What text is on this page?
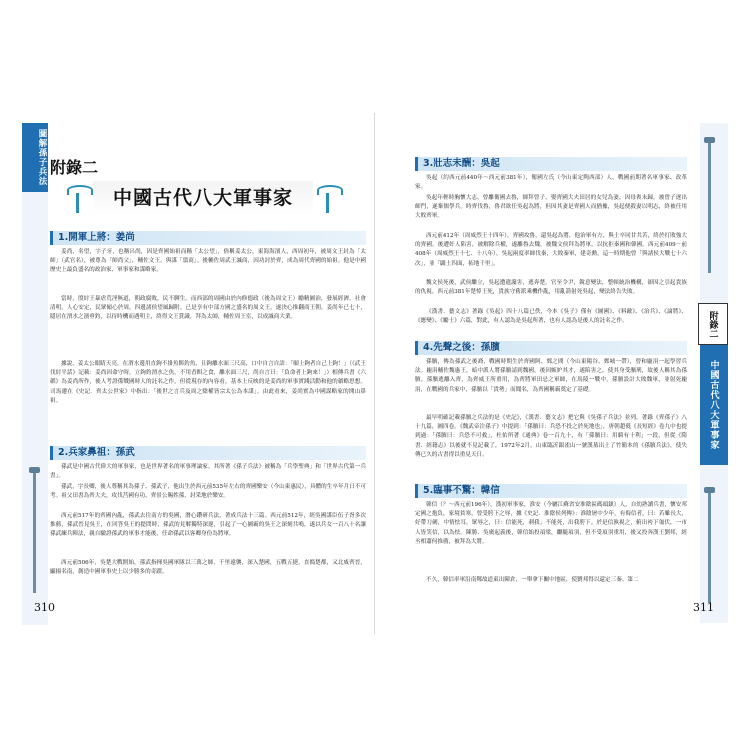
圖解孫子兵法 附錄二
中國古代八大軍事家
1.開軍上將：姜尚
姜尚，名望，字子牙，也稱呂尚，因是齊國始祖而稱「太公望」，俗稱姜太公。東海海濱人，西周初年，被周文王封為「太師」（武官名），被尊為「師尚父」，輔佐文王，與謀「翦商」。後輔佐周武王滅商，因功封於齊，成為周代齊國的始祖。他是中國歷史上最負盛名的政治家、軍事家和謀略家。
當時，殷紂王暴虐荒淫無道，朝政腐敗，民不聊生。而西部的周國由於內修德政（後為周文王）勵精圖治，發展經濟，社會清明，人心安定，民眾傾心於周，四邊諸侯望風歸附。已是享有中部方國之盛名的周文王，遂決心推翻商王朝。姜尚年已七十，隱居在渭水之濱垂釣，以待時機而遇明主，終得文王賞識，拜為太師，輔佐周王室，以成滅商大業。
據說，姜太公眼睛天亮，在渭水邊用直鉤不掛魚餌釣魚，且鉤離水面三尺高，口中自言自語：「願上鉤者自己上鉤！」（《武王伐紂平話》記載：姜尚因命守時，立鉤釣渭水之魚，不用香餌之食，離水面三尺，尚自言曰：「負命者上鉤來！」）相傳兵書《六韜》為姜尚所作，後人考證係戰國時人的託名之作，但從現存的內容看，基本上反映的是姜尚的軍事實踐活動和他的韜略思想。司馬遷在《史記．齊太公世家》中指出：「後世之言兵及周之陰權皆宗太公為本謀」，由此看來，姜尚實為中國謀略家的開山鼻祖。
2.兵家鼻祖：孫武
孫武是中國古代偉大的軍事家，也是世界著名的軍事理論家。其所著《孫子兵法》被稱為「兵學聖典」和「世界古代第一兵書」。
孫武，字長卿，後人尊稱其為孫子、孫武子，他出生於西元前535年左右的齊國樂安（今山東惠民），具體的生卒年月日不可考。祖父田書為齊大夫，攻伐莒國有功，齊景公賜姓孫，封采地於樂安。
西元前517年的齊國內亂，孫武去往南方的吳國，潛心鑽研兵法，著成兵法十三篇。西元前512年，經吳國謀臣伍子胥多次推薦，孫武晉見吳王，在回答吳王的提問時，孫武的見解獨特深邃，引起了一心圖霸的吳王之深刻共鳴，遂以兵女一百八十名讓孫武練兵陣法，親自驗證孫武的軍事才能後，任命孫武以客卿身份為將軍。
西元前506年，吳楚大戰開始，孫武指揮吳國軍隊以三萬之師，千里遠襲，深入楚國，五戰五捷，直搗楚都，又北威齊晉，顯揚名南，創造中國軍事史上以少勝多的奇蹟。
310
附錄二
中國古代八大軍事家
3.壯志未酬：吳起
吳起（約西元前440年～西元前381年），衛國左氏（今山東定陶西部）人，戰國前期著名軍事家、改革家。
吳起年輕時胸懷大志，曾離衛國去魯，師拜曾子，娶齊國大夫田居的女兒為妻，因母喪未歸，被曾子逐出師門，遂棄儒學兵。時齊伐魯，魯君欲任吳起為將，但因其妻是齊國人而猶豫，吳起便殺妻以明志，終被任用大敗齊軍。
西元前412年（周威烈王十四年），齊國攻魯，還吳起為將，他治軍有方，與士卒同甘共苦，終於打敗強大的齊國。後遭奸人陷害，被解除兵權，遂離魯去魏，被魏文侯拜為將軍，以抗拒秦國和韓國。西元前409－前408年（周威烈王十七、十八年），吳起兩度率師伐秦，大敗秦軍，建奇勳，這一時期他曾「與諸侯大戰七十六次」，並「闢土四面，拓地千里」。
魏文侯死後，武侯繼立，吳起遭遺讒害，逃奔楚，官至令尹，銳意變法，整頓統治機構，卻因之引起貴族的仇視。西元前381年楚悼王死，貴族守舊派乘機作亂，用亂箭射死吳起，變法終告失敗。
《漢書．藝文志》著錄《吳起》四十八篇已佚，今本《吳子》僅有《圖國》、《料敵》、《治兵》、《論將》、《應變》、《勵士》六篇，對此，有人認為是吳起所著，也有人認為是後人的託名之作。
4.先聲之後：孫臏
孫臏，傳為孫武之後裔，戰國時期生於齊國阿、鄄之間（今山東陽谷、鄄城一帶），曾和龐涓一起學習兵法。龐涓輔佐魏惠王，暗中派人將孫臏請到魏國，後因嫉妒其才，遂陷害之，使其身受臏刑，故後人稱其為孫臏。孫臏逃離入齊，為齊威王所重用，為齊將軍田忌之軍師，在馬陵一戰中，孫臏設計大敗魏軍，並射死龐涓，在戰國的兵家中，孫臏以「貴勢」而聞名，為齊國稱霸奠定了基礎。
最早明確記載孫臏之兵法的是《史記》，《漢書．藝文志》把它與《吳孫子兵法》並列，著錄《齊孫子》八十九篇，圖四卷。《魏武帝注孫子》中提到：「孫臏曰：兵恐不投之於死地也」，唐朝趙蕤《長短經》卷九中也提到過：「孫臏曰：兵恐不可救」，杜佑所著《通典》卷一百九十，有「孫臏曰：用騎有十利」一段，但從《隋書．經籍志》以後就不見記載了。1972年2月，山東臨沂銀雀山一號漢墓出土了竹簡本的《孫臏兵法》，使失傳已久的古書得以重見天日。
5.臨事不驚：韓信
韓信（？～西元前196年），漢初軍事家，淮安（今屬江蘇省安准陰區碼頭鎮）人，自幼熟讀兵書，懷安邦定國之抱負，家境貧寒，曾受胯下之辱，據《史記．淮陰侯列傳》：淮陰屠中少年，有侮信者，曰：若雖長大，好帶刀劍，中情怯耳，眾辱之，曰：信能死，刺我；不能死，出我胯下。於是信孰視之，俯出袴下匍伏，一市人皆笑信，以為怯。陳勝、吳廣起義後，韓信始投項梁，繼隨項羽，但不受項羽重用，後又投奔漢王劉邦，經丞相蕭何推薦，被拜為大將。
不久，韓信率軍沿南鄭故道東出陳倉，一舉拿下關中地區，使劉邦得以還定三秦。第二
311
